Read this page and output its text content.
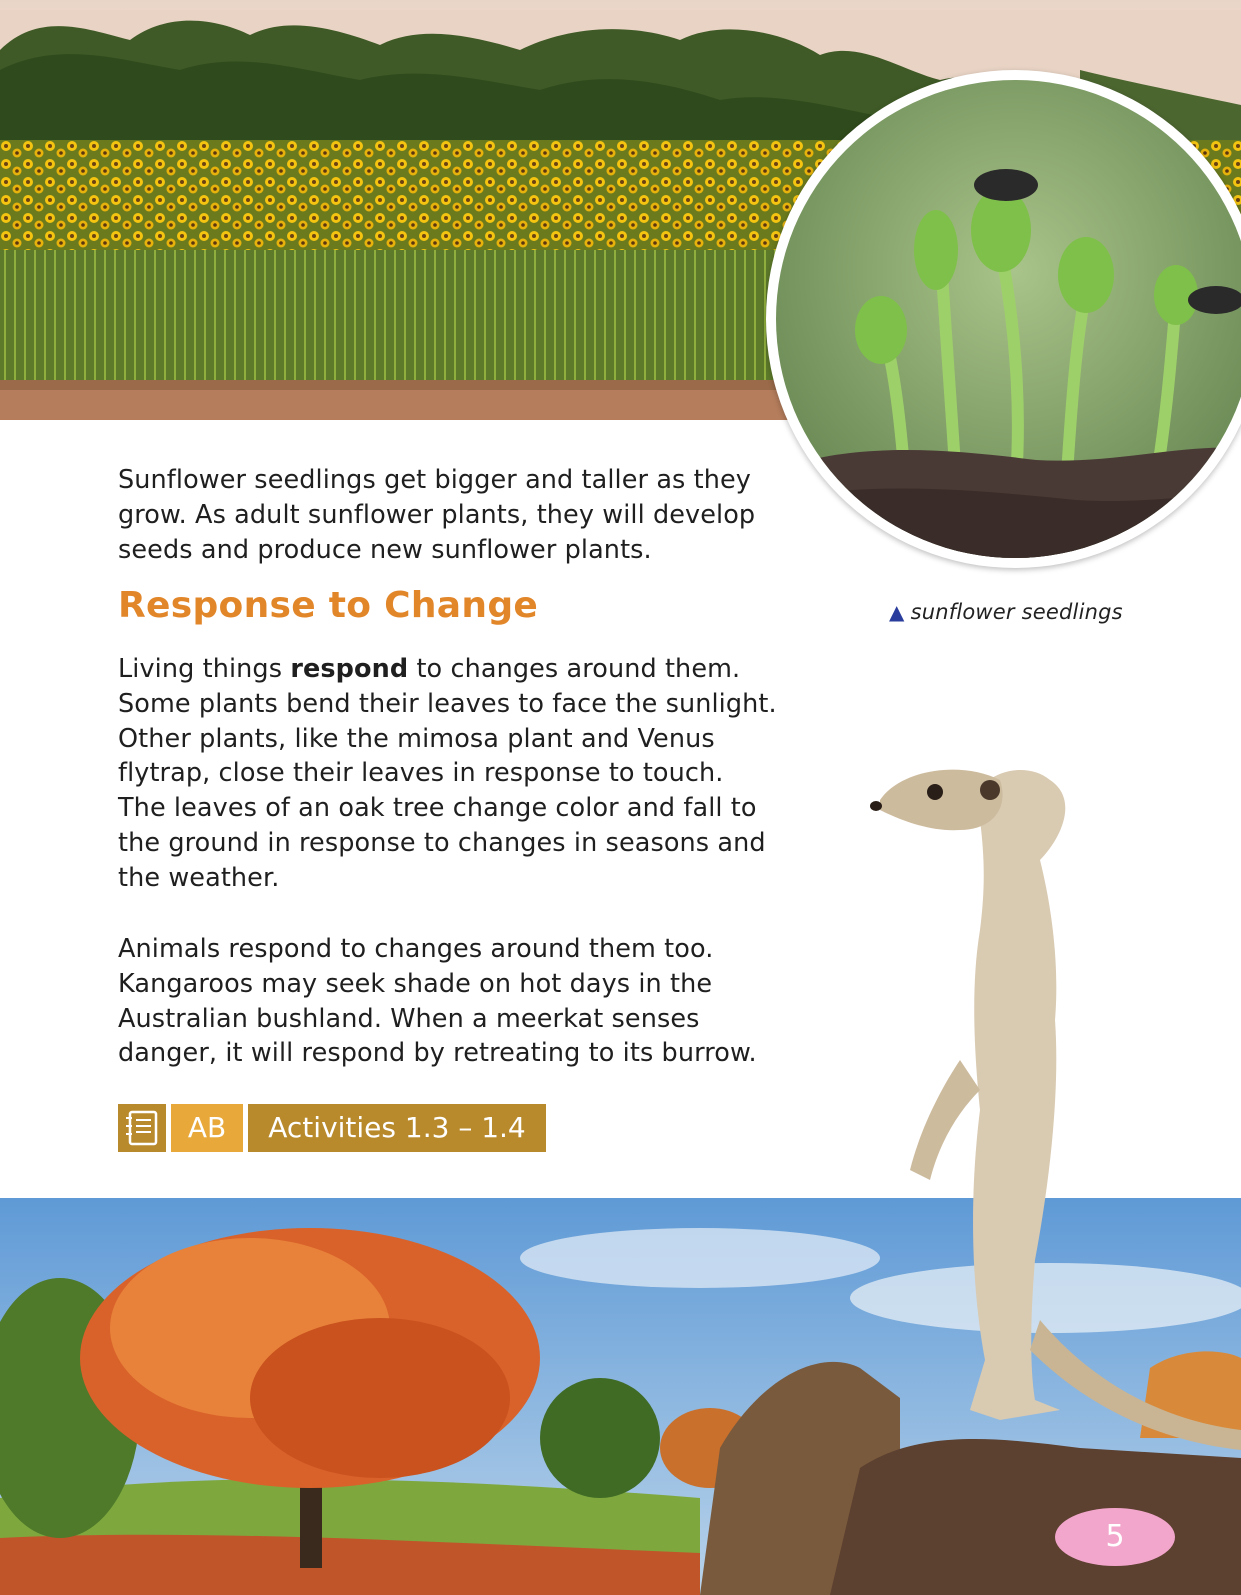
▲ sunflower seedlings
Sunflower seedlings get bigger and taller as they grow. As adult sunflower plants, they will develop seeds and produce new sunflower plants.
Response to Change
Living things respond to changes around them. Some plants bend their leaves to face the sunlight. Other plants, like the mimosa plant and Venus flytrap, close their leaves in response to touch. The leaves of an oak tree change color and fall to the ground in response to changes in seasons and the weather.
Animals respond to changes around them too. Kangaroos may seek shade on hot days in the Australian bushland. When a meerkat senses danger, it will respond by retreating to its burrow.
AB	Activities 1.3 – 1.4
5
